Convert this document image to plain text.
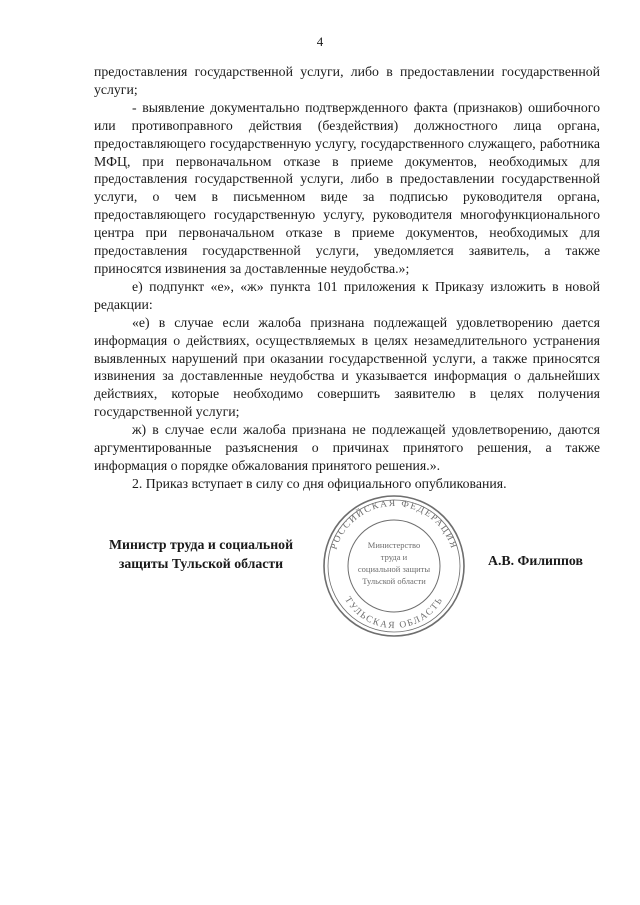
4

предоставления государственной услуги, либо в предоставлении государственной услуги;

- выявление документально подтвержденного факта (признаков) ошибочного или противоправного действия (бездействия) должностного лица органа, предоставляющего государственную услугу, государственного служащего, работника МФЦ, при первоначальном отказе в приеме документов, необходимых для предоставления государственной услуги, либо в предоставлении государственной услуги, о чем в письменном виде за подписью руководителя органа, предоставляющего государственную услугу, руководителя многофункционального центра при первоначальном отказе в приеме документов, необходимых для предоставления государственной услуги, уведомляется заявитель, а также приносятся извинения за доставленные неудобства.»;

е) подпункт «е», «ж» пункта 101 приложения к Приказу изложить в новой редакции:

«е) в случае если жалоба признана подлежащей удовлетворению дается информация о действиях, осуществляемых в целях незамедлительного устранения выявленных нарушений при оказании государственной услуги, а также приносятся извинения за доставленные неудобства и указывается информация о дальнейших действиях, которые необходимо совершить заявителю в целях получения государственной услуги;

ж) в случае если жалоба признана не подлежащей удовлетворению, даются аргументированные разъяснения о причинах принятого решения, а также информация о порядке обжалования принятого решения.».

2. Приказ вступает в силу со дня официального опубликования.

Министр труда и социальной
защиты Тульской области
РОССИЙСКАЯ ФЕДЕРАЦИЯ
ТУЛЬСКАЯ ОБЛАСТЬ
Министерство
труда и
социальной защиты
Тульской области
А.В. Филиппов
